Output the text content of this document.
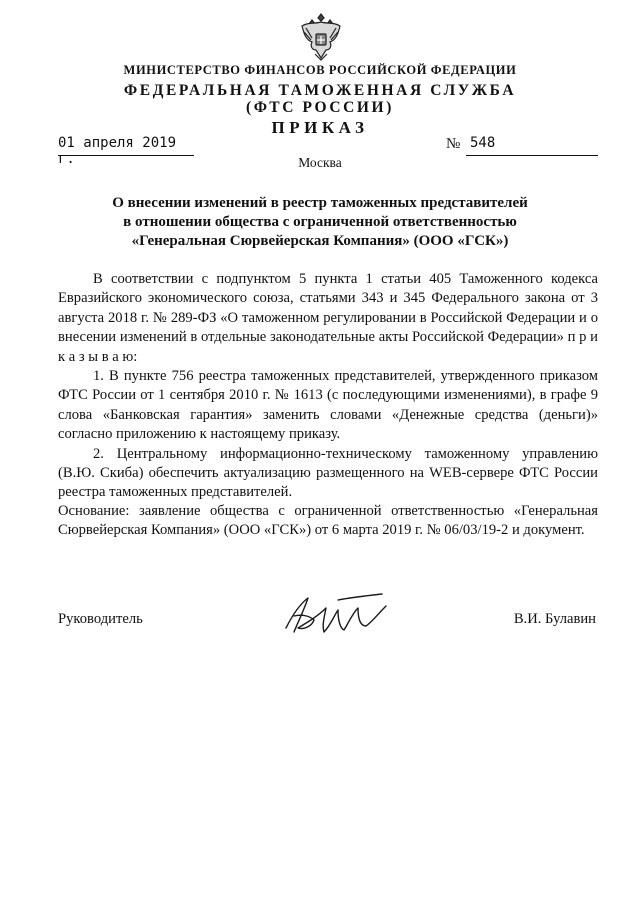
МИНИСТЕРСТВО ФИНАНСОВ РОССИЙСКОЙ ФЕДЕРАЦИИ
ФЕДЕРАЛЬНАЯ ТАМОЖЕННАЯ СЛУЖБА
(ФТС РОССИИ)
ПРИКАЗ
01 апреля 2019 г.
№ 548
Москва
О внесении изменений в реестр таможенных представителей
в отношении общества с ограниченной ответственностью
«Генеральная Сюрвейерская Компания» (ООО «ГСК»)

В соответствии с подпунктом 5 пункта 1 статьи 405 Таможенного кодекса Евразийского экономического союза, статьями 343 и 345 Федерального закона от 3 августа 2018 г. № 289-ФЗ «О таможенном регулировании в Российской Федерации и о внесении изменений в отдельные законодательные акты Российской Федерации» п р и к а з ы в а ю:

1. В пункте 756 реестра таможенных представителей, утвержденного приказом ФТС России от 1 сентября 2010 г. № 1613 (с последующими изменениями), в графе 9 слова «Банковская гарантия» заменить словами «Денежные средства (деньги)» согласно приложению к настоящему приказу.

2. Центральному информационно-техническому таможенному управлению (В.Ю. Скиба) обеспечить актуализацию размещенного на WEB-сервере ФТС России реестра таможенных представителей.

Основание: заявление общества с ограниченной ответственностью «Генеральная Сюрвейерская Компания» (ООО «ГСК») от 6 марта 2019 г. № 06/03/19-2 и документ.

Руководитель	В.И. Булавин
